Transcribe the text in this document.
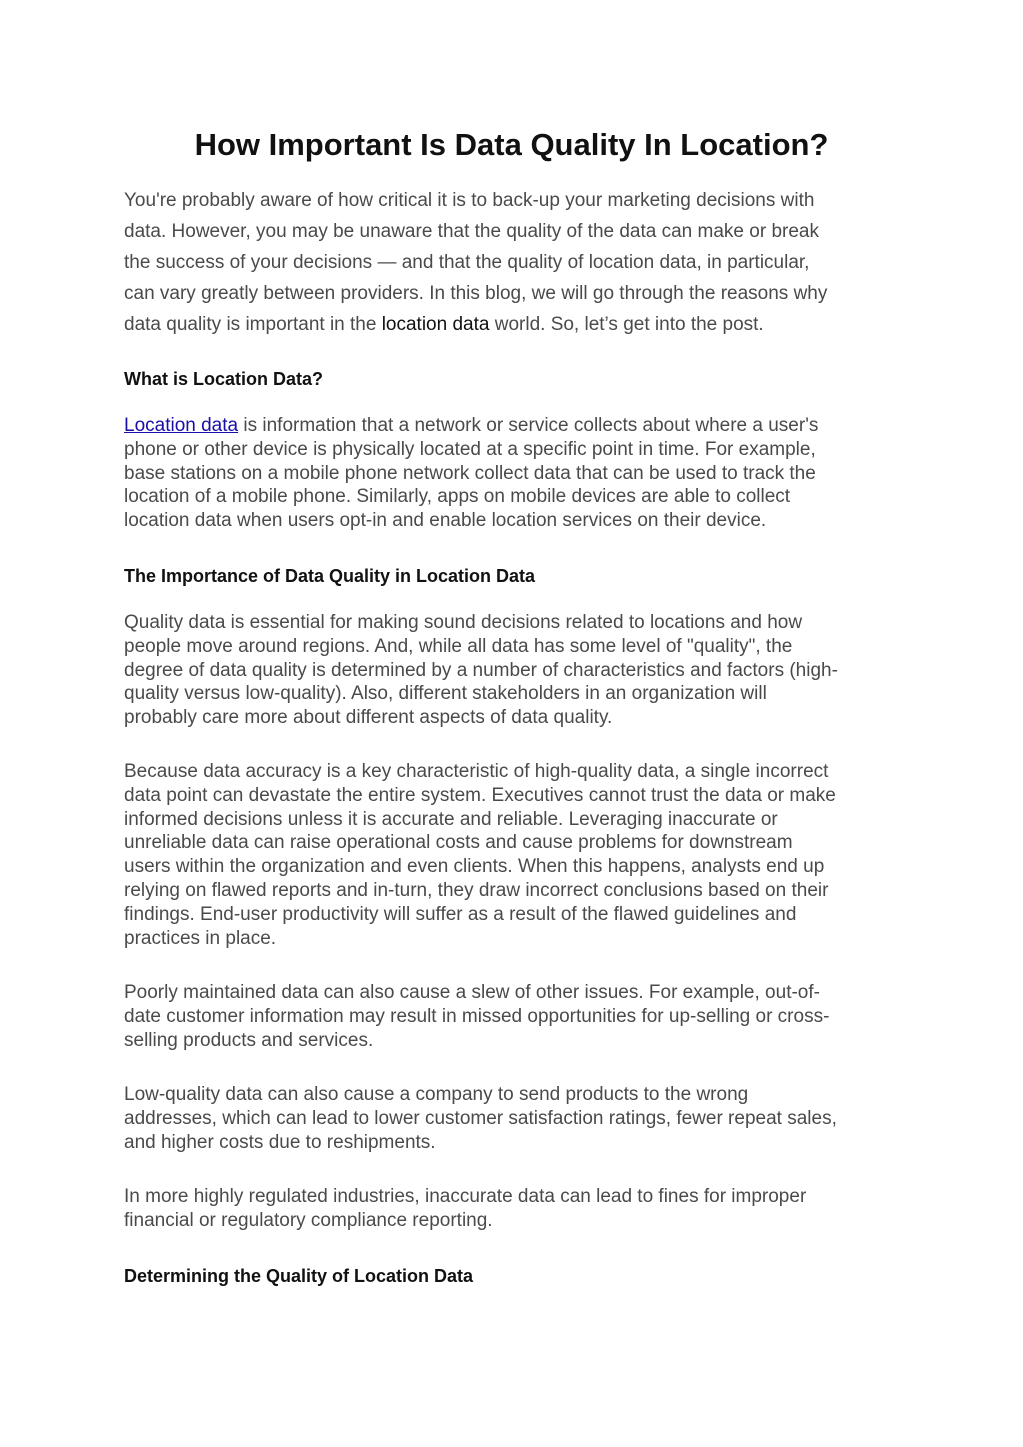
How Important Is Data Quality In Location?

You're probably aware of how critical it is to back-up your marketing decisions with
data. However, you may be unaware that the quality of the data can make or break
the success of your decisions — and that the quality of location data, in particular,
can vary greatly between providers. In this blog, we will go through the reasons why
data quality is important in the location data world. So, let’s get into the post.

What is Location Data?

Location data is information that a network or service collects about where a user's
phone or other device is physically located at a specific point in time. For example,
base stations on a mobile phone network collect data that can be used to track the
location of a mobile phone. Similarly, apps on mobile devices are able to collect
location data when users opt-in and enable location services on their device.

The Importance of Data Quality in Location Data

Quality data is essential for making sound decisions related to locations and how
people move around regions. And, while all data has some level of "quality", the
degree of data quality is determined by a number of characteristics and factors (high-
quality versus low-quality). Also, different stakeholders in an organization will
probably care more about different aspects of data quality.

Because data accuracy is a key characteristic of high-quality data, a single incorrect
data point can devastate the entire system. Executives cannot trust the data or make
informed decisions unless it is accurate and reliable. Leveraging inaccurate or
unreliable data can raise operational costs and cause problems for downstream
users within the organization and even clients. When this happens, analysts end up
relying on flawed reports and in-turn, they draw incorrect conclusions based on their
findings. End-user productivity will suffer as a result of the flawed guidelines and
practices in place.

Poorly maintained data can also cause a slew of other issues. For example, out-of-
date customer information may result in missed opportunities for up-selling or cross-
selling products and services.

Low-quality data can also cause a company to send products to the wrong
addresses, which can lead to lower customer satisfaction ratings, fewer repeat sales,
and higher costs due to reshipments.

In more highly regulated industries, inaccurate data can lead to fines for improper
financial or regulatory compliance reporting.

Determining the Quality of Location Data
